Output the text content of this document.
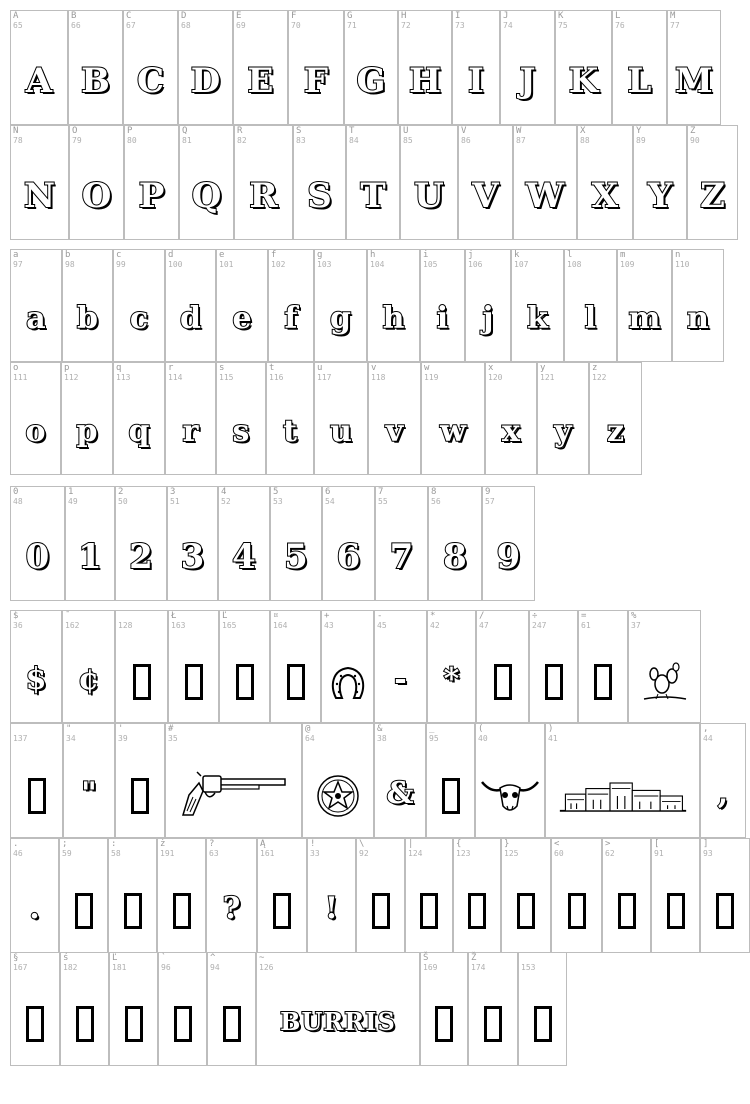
A
65
A
B
66
B
C
67
C
D
68
D
E
69
E
F
70
F
G
71
G
H
72
H
I
73
I
J
74
J
K
75
K
L
76
L
M
77
M
N
78
N
O
79
O
P
80
P
Q
81
Q
R
82
R
S
83
S
T
84
T
U
85
U
V
86
V
W
87
W
X
88
X
Y
89
Y
Z
90
Z
a
97
a
b
98
b
c
99
c
d
100
d
e
101
e
f
102
f
g
103
g
h
104
h
i
105
i
j
106
j
k
107
k
l
108
l
m
109
m
n
110
n
o
111
o
p
112
p
q
113
q
r
114
r
s
115
s
t
116
t
u
117
u
v
118
v
w
119
w
x
120
x
y
121
y
z
122
z
0
48
0
1
49
1
2
50
2
3
51
3
4
52
4
5
53
5
6
54
6
7
55
7
8
56
8
9
57
9
$
36
$
¯
162
¢
128
Ł
163
Ľ
165
¤
164
+
43
-
45
-
*
42
*
/
47
÷
247
=
61
%
37
137
"
34
"
'
39
#
35
@
64
&
38
&
_
95
(
40
)
41
,
44
,
.
46
.
;
59
:
58
ż
191
?
63
?
Ą
161
!
33
!
\
92
|
124
{
123
}
125
<
60
>
62
[
91
]
93
§
167
ś
182
Ľ
181
`
96
^
94
~
126
BURRIS
Š
169
Ž
174	153
